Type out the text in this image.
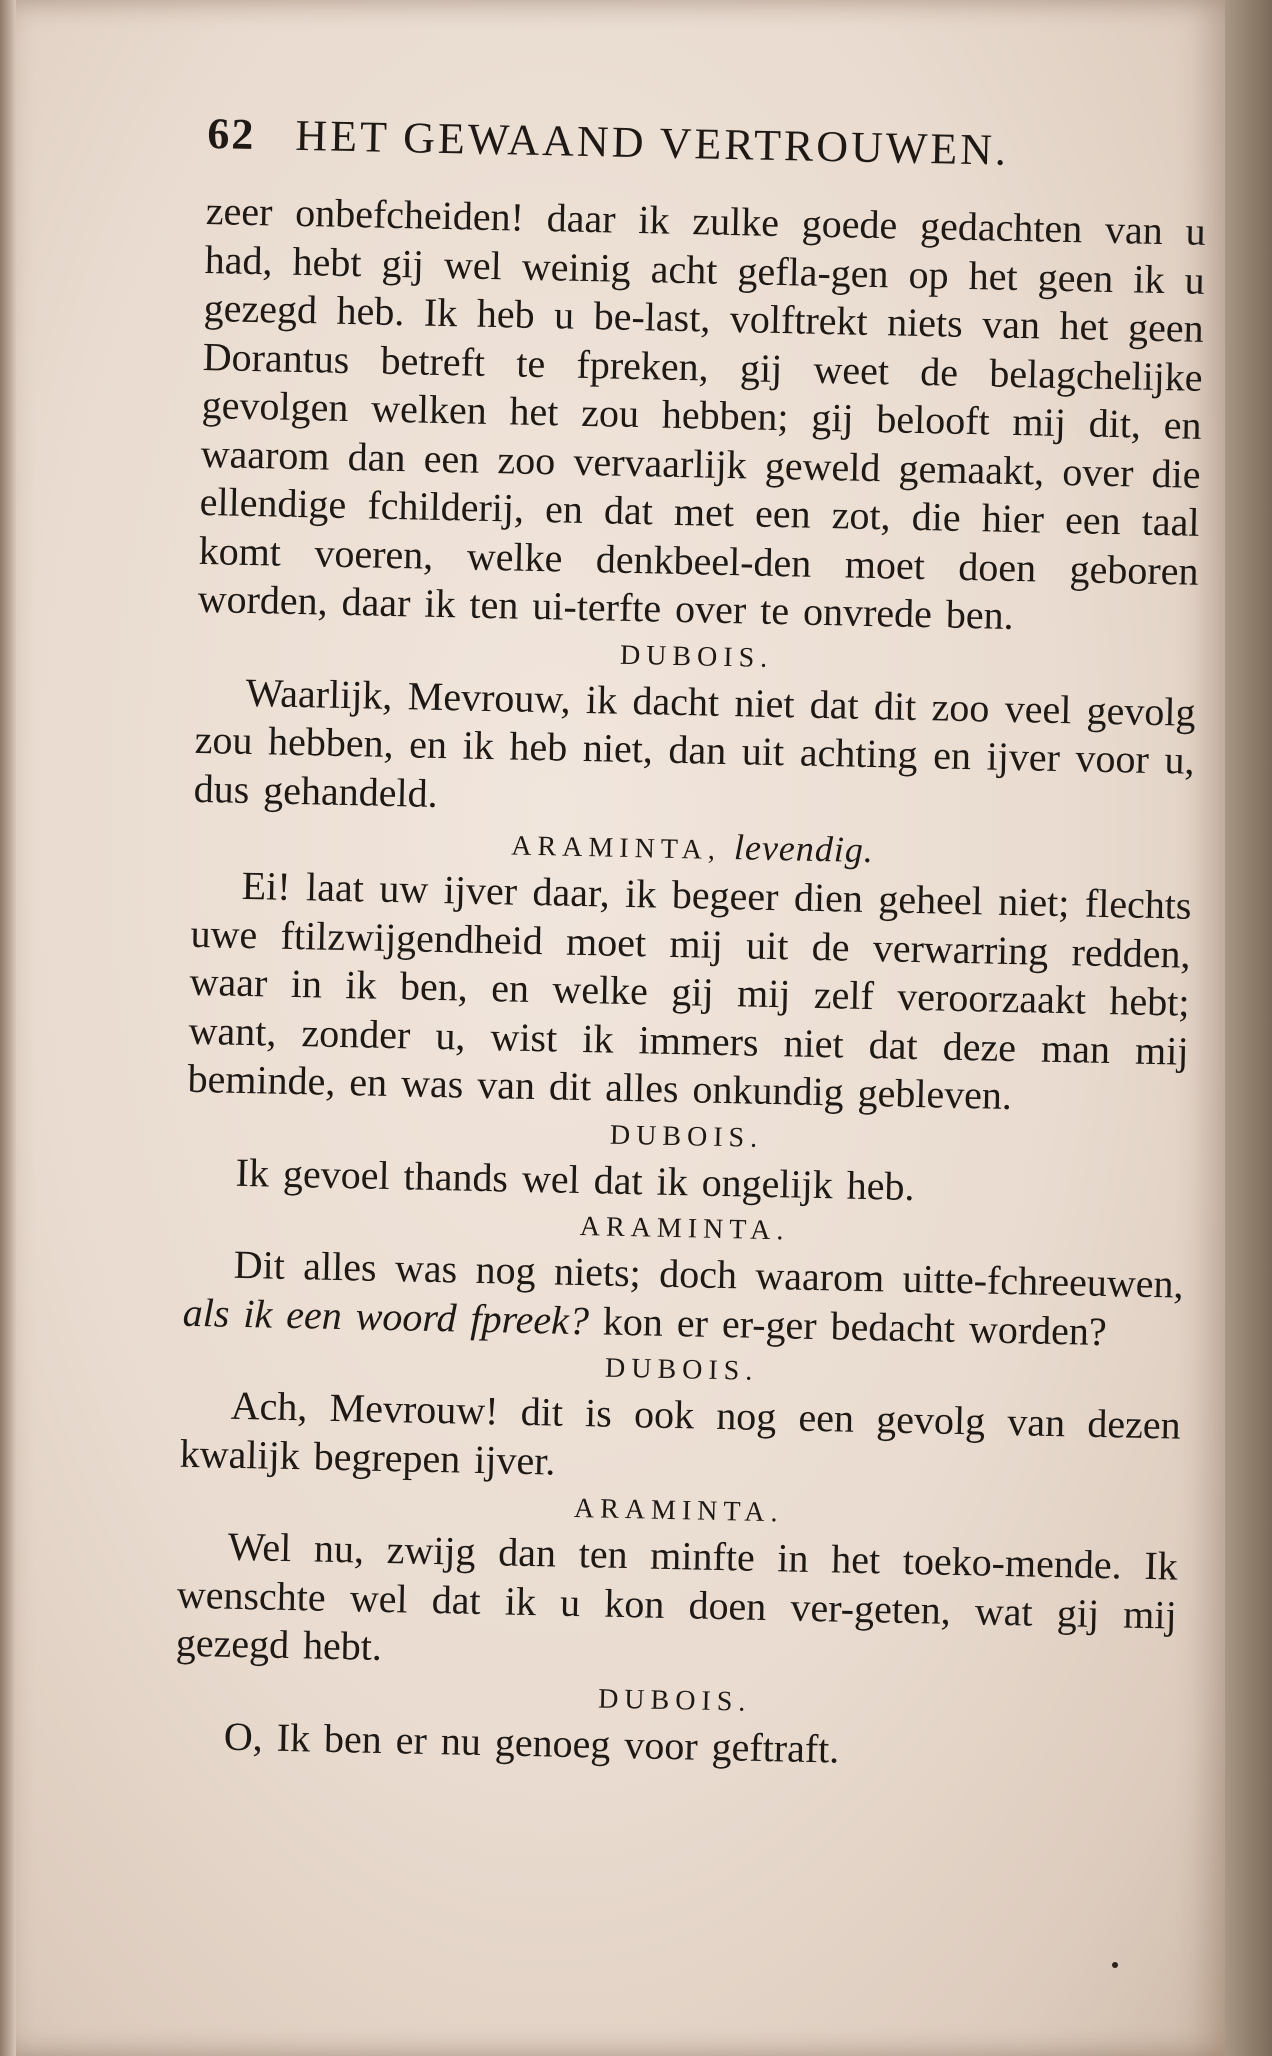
62 HET GEWAAND VERTROUWEN.

zeer onbefcheiden! daar ik zulke goede gedachten van u had, hebt gij wel weinig acht gefla-gen op het geen ik u gezegd heb. Ik heb u be-last, volftrekt niets van het geen Dorantus betreft te fpreken, gij weet de belagchelijke gevolgen welken het zou hebben; gij belooft mij dit, en waarom dan een zoo vervaarlijk geweld gemaakt, over die ellendige fchilderij, en dat met een zot, die hier een taal komt voeren, welke denkbeel-den moet doen geboren worden, daar ik ten ui-terfte over te onvrede ben.

DUBOIS.

Waarlijk, Mevrouw, ik dacht niet dat dit zoo veel gevolg zou hebben, en ik heb niet, dan uit achting en ijver voor u, dus gehandeld.

ARAMINTA, levendig.

Ei! laat uw ijver daar, ik begeer dien geheel niet; flechts uwe ftilzwijgendheid moet mij uit de verwarring redden, waar in ik ben, en welke gij mij zelf veroorzaakt hebt; want, zonder u, wist ik immers niet dat deze man mij beminde, en was van dit alles onkundig gebleven.

DUBOIS.

Ik gevoel thands wel dat ik ongelijk heb.

ARAMINTA.

Dit alles was nog niets; doch waarom uitte-fchreeuwen, als ik een woord fpreek? kon er er-ger bedacht worden?

DUBOIS.

Ach, Mevrouw! dit is ook nog een gevolg van dezen kwalijk begrepen ijver.

ARAMINTA.

Wel nu, zwijg dan ten minfte in het toeko-mende. Ik wenschte wel dat ik u kon doen ver-geten, wat gij mij gezegd hebt.

DUBOIS.

O, Ik ben er nu genoeg voor geftraft.
